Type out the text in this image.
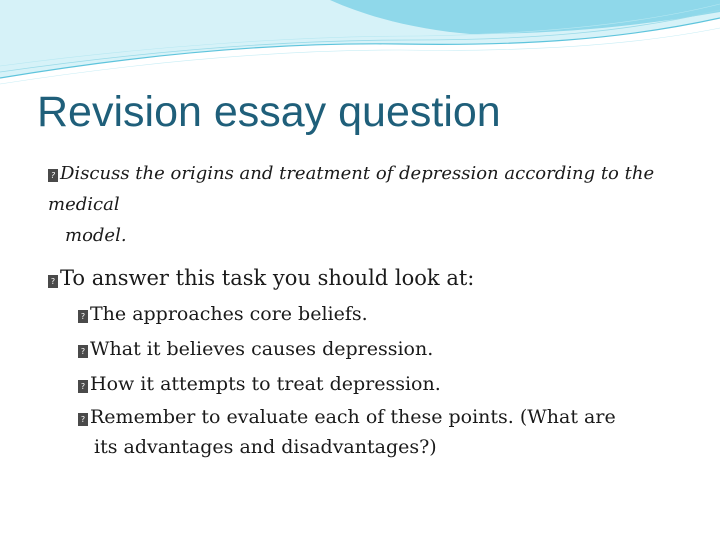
Revision essay question
? Discuss the origins and treatment of depression according to the medical
model.
? To answer this task you should look at:
? The approaches core beliefs.
? What it believes causes depression.
? How it attempts to treat depression.
? Remember to evaluate each of these points. (What are
its advantages and disadvantages?)
